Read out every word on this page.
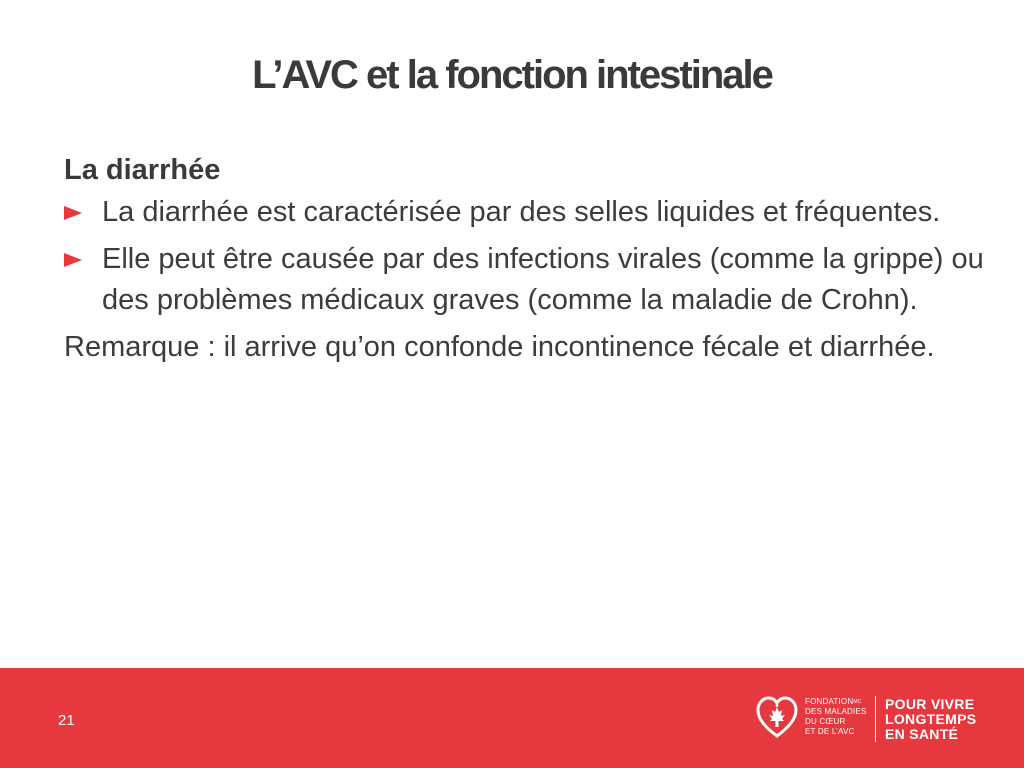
L’AVC et la fonction intestinale
La diarrhée
La diarrhée est caractérisée par des selles liquides et fréquentes.
Elle peut être causée par des infections virales (comme la grippe) ou des problèmes médicaux graves (comme la maladie de Crohn).

Remarque : il arrive qu’on confonde incontinence fécale et diarrhée.

21
$FONDATION^{MC}$
DES MALADIES
DU CŒUR
ET DE L’AVC
POUR VIVRE
LONGTEMPS
EN SANTÉ
